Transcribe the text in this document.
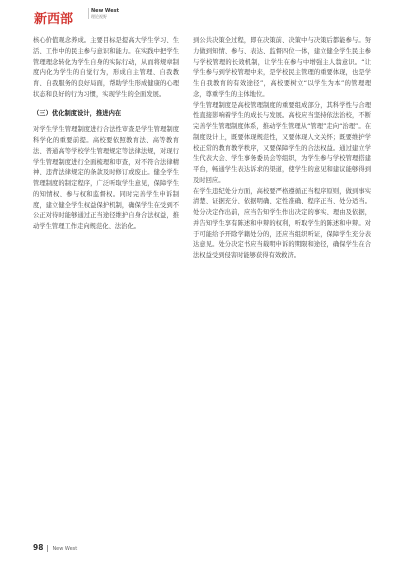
新西部
New West
理论视野

核心价值观念养成。主要目标是提高大学生学习、生活、工作中的民主参与意识和能力。在实践中把学生管理理念转化为学生自身的实际行动，从而将规章制度内化为学生的自觉行为，形成自主管理、自我教育、自我服务的良好局面，帮助学生形成健康的心理状态和良好的行为习惯，实现学生的全面发展。

（三）优化制度设计，推进内在

对学生学生管理制度进行合法性审查是学生管理制度科学化的重要前提。高校要依照教育法、高等教育法、普通高等学校学生管理规定等法律法规，对现行学生管理制度进行全面梳理和审查，对不符合法律精神、违背法律规定的条款及时修订或废止。健全学生管理制度的制定程序，广泛听取学生意见，保障学生的知情权、参与权和监督权。同时完善学生申诉制度，建立健全学生权益保护机制，确保学生在受到不公正对待时能够通过正当途径维护自身合法权益，推动学生管理工作走向规范化、法治化。

到公共决策全过程，即在决策前、决策中与决策后都能参与。努力做到知情、参与、表达、监督四位一体，建立健全学生民主参与学校管理的长效机制，让学生在参与中增强主人翁意识。“让学生参与到学校管理中来，是学校民主管理的重要体现，也是学生自我教育的有效途径”，高校要树立“以学生为本”的管理理念，尊重学生的主体地位。

学生管理制度是高校管理制度的重要组成部分，其科学性与合理性直接影响着学生的成长与发展。高校应当坚持依法治校，不断完善学生管理制度体系，推动学生管理从“管理”走向“治理”。在制度设计上，既要体现规范性，又要体现人文关怀；既要维护学校正常的教育教学秩序，又要保障学生的合法权益。通过建立学生代表大会、学生事务委员会等组织，为学生参与学校管理搭建平台，畅通学生表达诉求的渠道，使学生的意见和建议能够得到及时回应。

在学生违纪处分方面，高校要严格遵循正当程序原则，做到事实清楚、证据充分、依据明确、定性准确、程序正当、处分适当。处分决定作出前，应当告知学生作出决定的事实、理由及依据，并告知学生享有陈述和申辩的权利，听取学生的陈述和申辩。对于可能给予开除学籍处分的，还应当组织听证，保障学生充分表达意见。处分决定书应当载明申诉的期限和途径，确保学生在合法权益受到侵害时能够获得有效救济。

98 New West
